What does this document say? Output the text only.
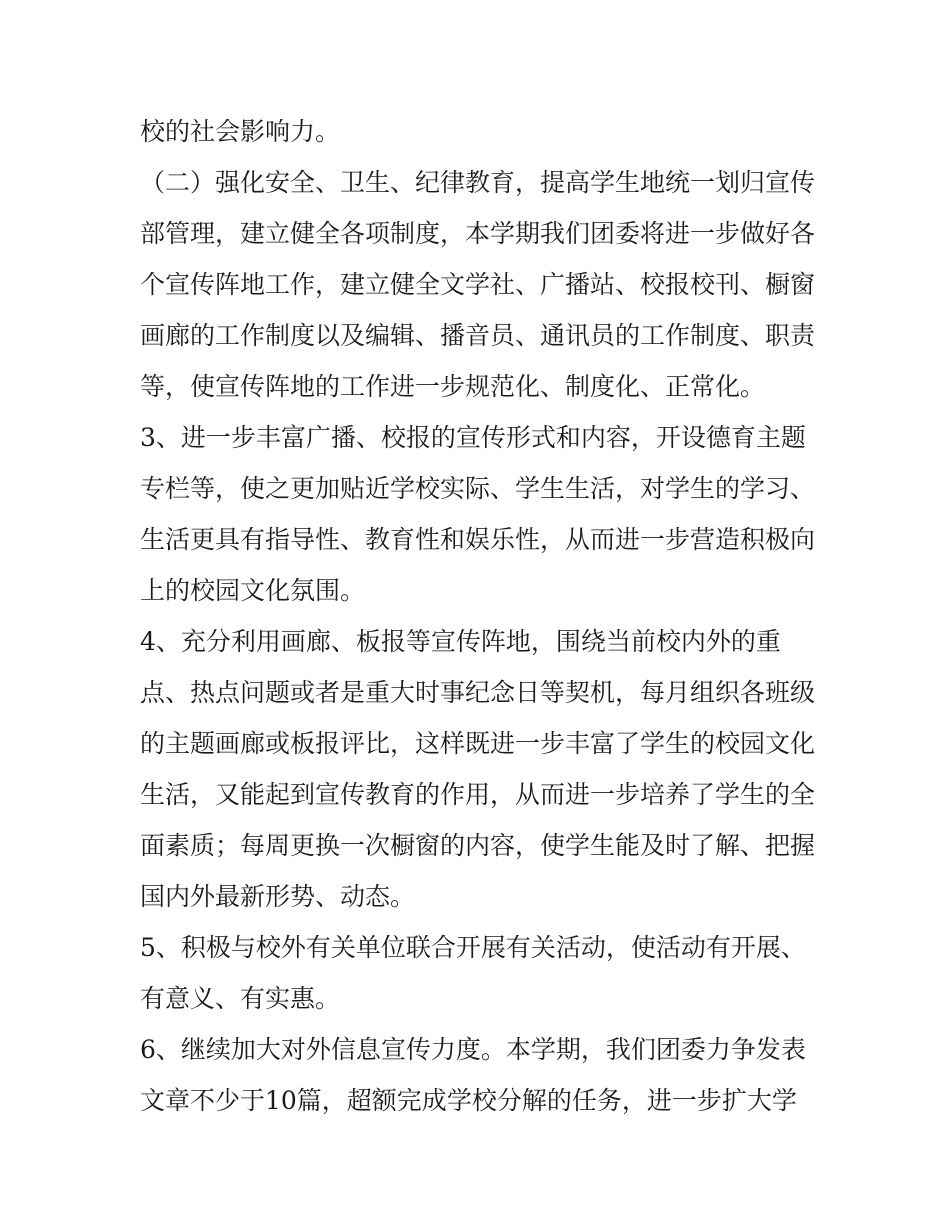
校的社会影响力。
（二）强化安全、卫生、纪律教育，提高学生地统一划归宣传
部管理，建立健全各项制度，本学期我们团委将进一步做好各
个宣传阵地工作，建立健全文学社、广播站、校报校刊、橱窗
画廊的工作制度以及编辑、播音员、通讯员的工作制度、职责
等，使宣传阵地的工作进一步规范化、制度化、正常化。
3、进一步丰富广播、校报的宣传形式和内容，开设德育主题
专栏等，使之更加贴近学校实际、学生生活，对学生的学习、
生活更具有指导性、教育性和娱乐性，从而进一步营造积极向
上的校园文化氛围。
4、充分利用画廊、板报等宣传阵地，围绕当前校内外的重
点、热点问题或者是重大时事纪念日等契机，每月组织各班级
的主题画廊或板报评比，这样既进一步丰富了学生的校园文化
生活，又能起到宣传教育的作用，从而进一步培养了学生的全
面素质；每周更换一次橱窗的内容，使学生能及时了解、把握
国内外最新形势、动态。
5、积极与校外有关单位联合开展有关活动，使活动有开展、
有意义、有实惠。
6、继续加大对外信息宣传力度。本学期，我们团委力争发表
文章不少于10篇，超额完成学校分解的任务，进一步扩大学
